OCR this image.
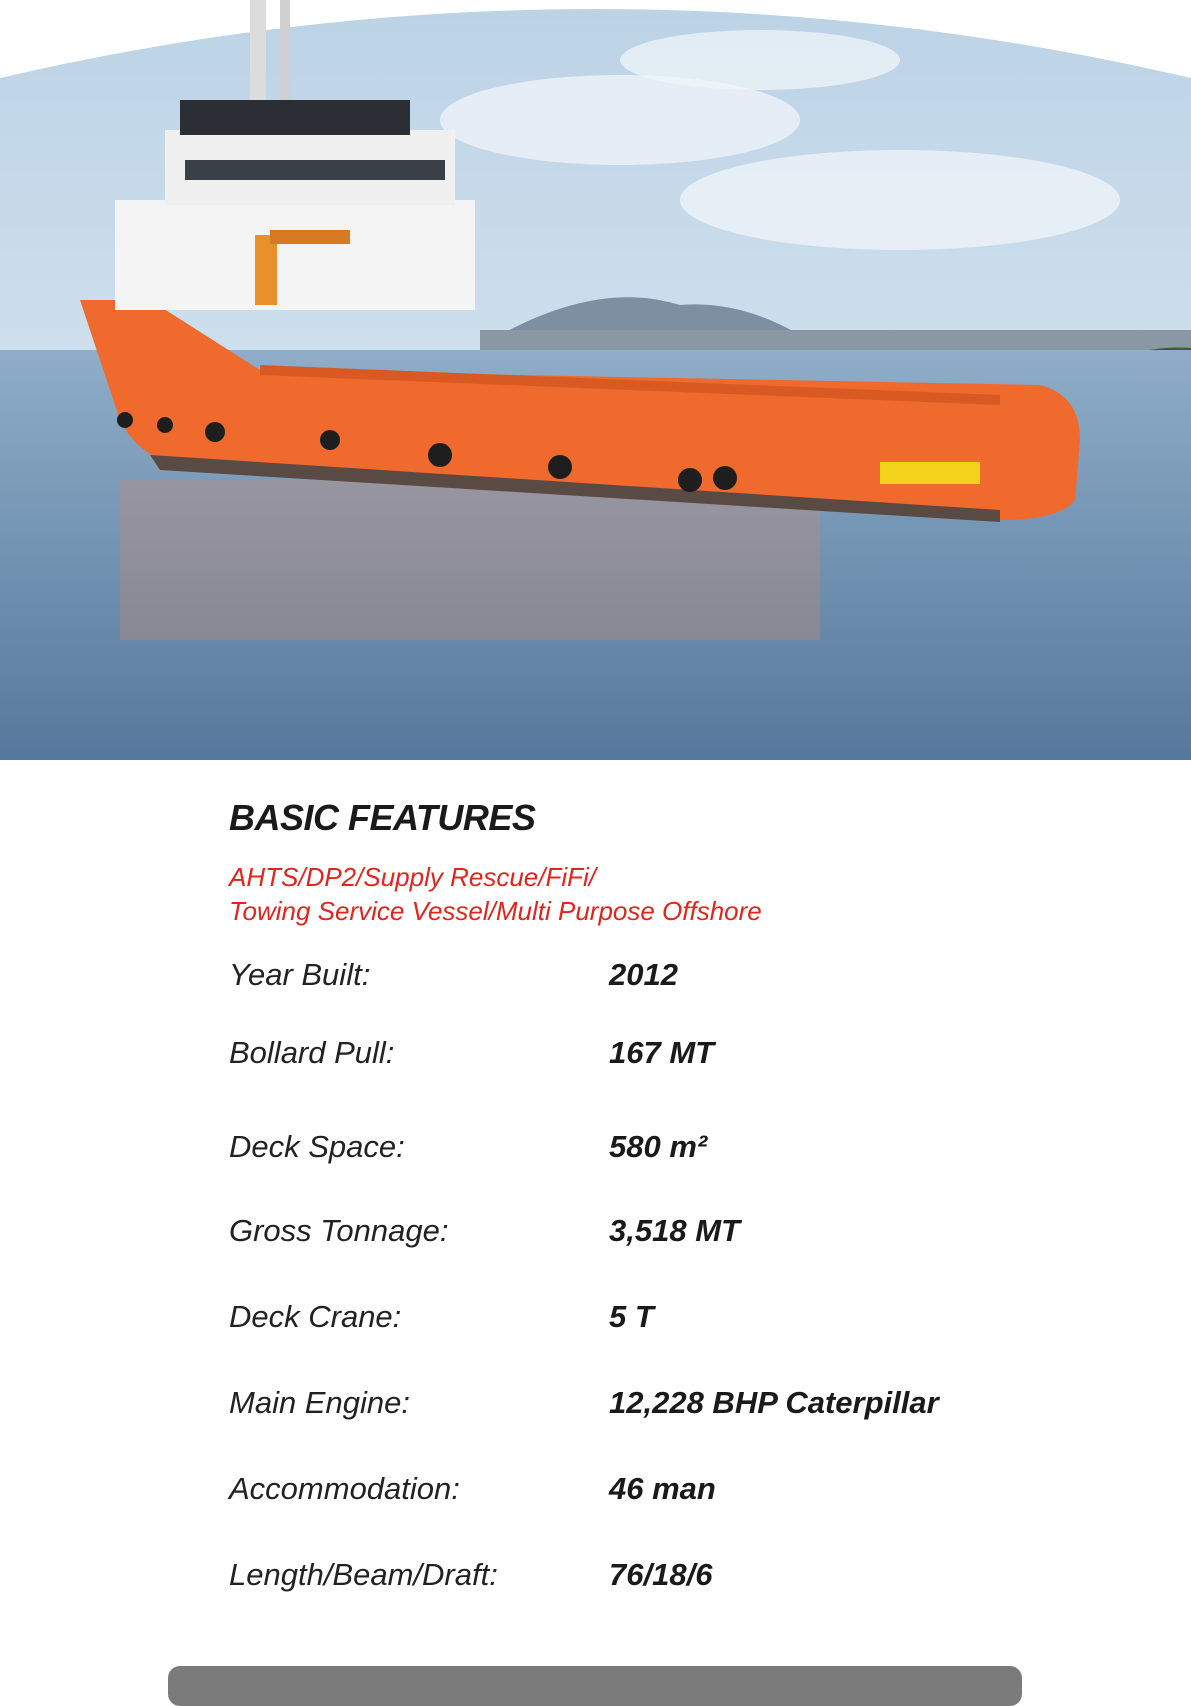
BASIC FEATURES

AHTS/DP2/Supply Rescue/FiFi/
Towing Service Vessel/Multi Purpose Offshore

Year Built:	2012
Bollard Pull:	167 MT
Deck Space:	580 m²
Gross Tonnage:	3,518 MT
Deck Crane:	5 T
Main Engine:	12,228 BHP Caterpillar
Accommodation:	46 man
Length/Beam/Draft:	76/18/6
